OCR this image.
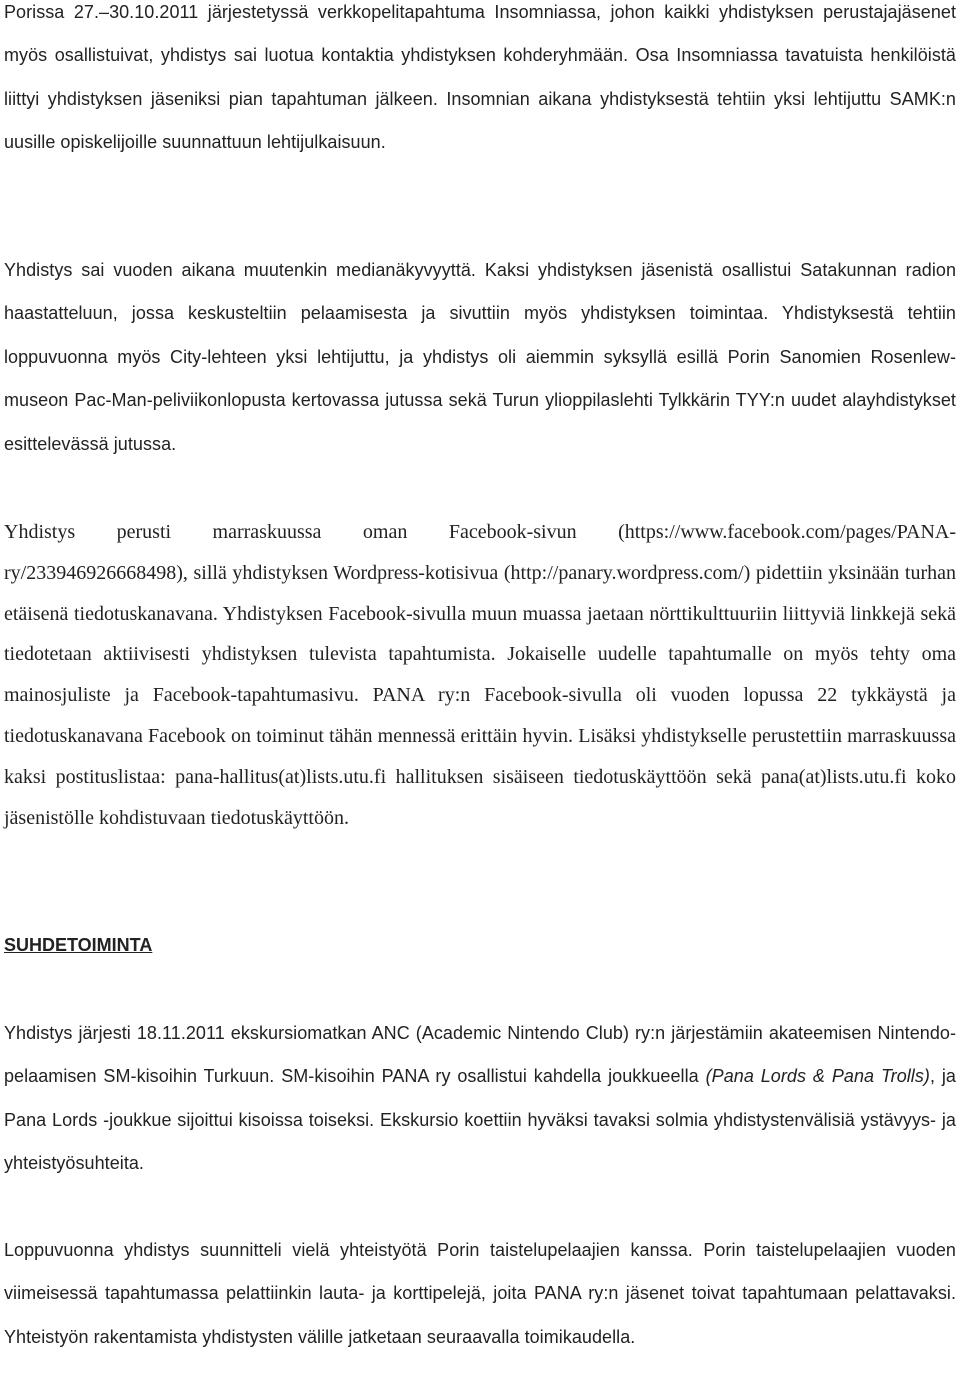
Porissa 27.–30.10.2011 järjestetyssä verkkopelitapahtuma Insomniassa, johon kaikki yhdistyksen perustajajäsenet myös osallistuivat, yhdistys sai luotua kontaktia yhdistyksen kohderyhmään. Osa Insomniassa tavatuista henkilöistä liittyi yhdistyksen jäseniksi pian tapahtuman jälkeen. Insomnian aikana yhdistyksestä tehtiin yksi lehtijuttu SAMK:n uusille opiskelijoille suunnattuun lehtijulkaisuun.

Yhdistys sai vuoden aikana muutenkin medianäkyvyyttä. Kaksi yhdistyksen jäsenistä osallistui Satakunnan radion haastatteluun, jossa keskusteltiin pelaamisesta ja sivuttiin myös yhdistyksen toimintaa. Yhdistyksestä tehtiin loppuvuonna myös City-lehteen yksi lehtijuttu, ja yhdistys oli aiemmin syksyllä esillä Porin Sanomien Rosenlew-museon Pac-Man-peliviikonlopusta kertovassa jutussa sekä Turun ylioppilaslehti Tylkkärin TYY:n uudet alayhdistykset esittelevässä jutussa.

Yhdistys perusti marraskuussa oman Facebook-sivun (https://www.facebook.com/pages/PANA-ry/233946926668498), sillä yhdistyksen Wordpress-kotisivua (http://panary.wordpress.com/) pidettiin yksinään turhan etäisenä tiedotuskanavana. Yhdistyksen Facebook-sivulla muun muassa jaetaan nörttikulttuuriin liittyviä linkkejä sekä tiedotetaan aktiivisesti yhdistyksen tulevista tapahtumista. Jokaiselle uudelle tapahtumalle on myös tehty oma mainosjuliste ja Facebook-tapahtumasivu. PANA ry:n Facebook-sivulla oli vuoden lopussa 22 tykkäystä ja tiedotuskanavana Facebook on toiminut tähän mennessä erittäin hyvin. Lisäksi yhdistykselle perustettiin marraskuussa kaksi postituslistaa: pana-hallitus(at)lists.utu.fi hallituksen sisäiseen tiedotuskäyttöön sekä pana(at)lists.utu.fi koko jäsenistölle kohdistuvaan tiedotuskäyttöön.

SUHDETOIMINTA

Yhdistys järjesti 18.11.2011 ekskursiomatkan ANC (Academic Nintendo Club) ry:n järjestämiin akateemisen Nintendo-pelaamisen SM-kisoihin Turkuun. SM-kisoihin PANA ry osallistui kahdella joukkueella (Pana Lords & Pana Trolls), ja Pana Lords -joukkue sijoittui kisoissa toiseksi. Ekskursio koettiin hyväksi tavaksi solmia yhdistystenvälisiä ystävyys- ja yhteistyösuhteita.

Loppuvuonna yhdistys suunnitteli vielä yhteistyötä Porin taistelupelaajien kanssa. Porin taistelupelaajien vuoden viimeisessä tapahtumassa pelattiinkin lauta- ja korttipelejä, joita PANA ry:n jäsenet toivat tapahtumaan pelattavaksi. Yhteistyön rakentamista yhdistysten välille jatketaan seuraavalla toimikaudella.
